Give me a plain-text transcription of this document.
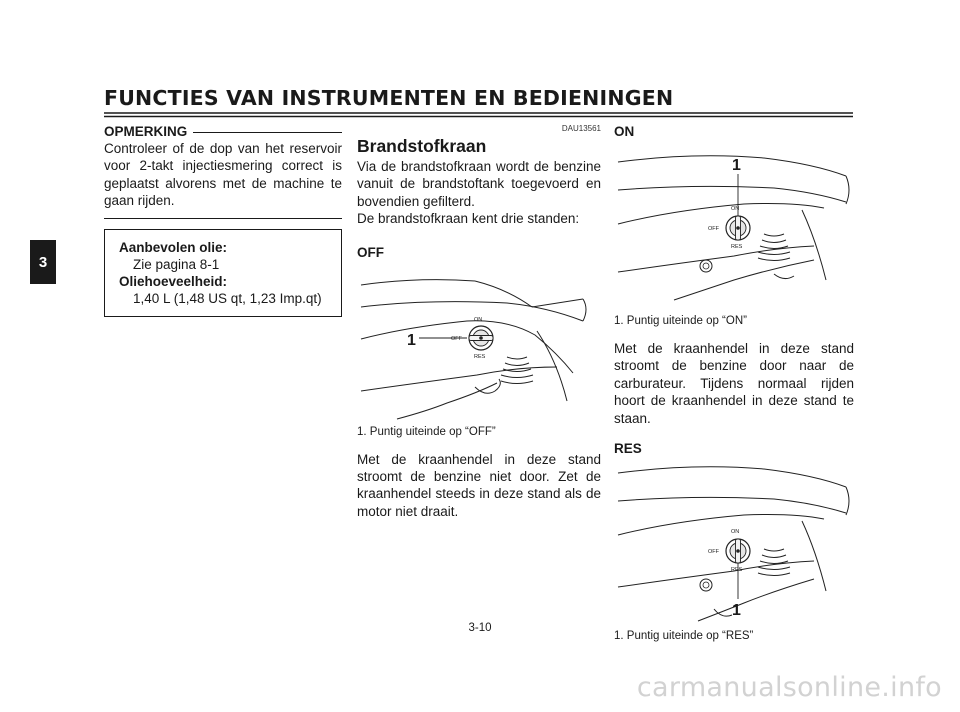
FUNCTIES VAN INSTRUMENTEN EN BEDIENINGEN
3
OPMERKING
Controleer of de dop van het reservoir voor 2-takt injectiesmering correct is geplaatst alvorens met de machine te gaan rijden.
Aanbevolen olie:
Zie pagina 8-1
Oliehoeveelheid:
1,40 L (1,48 US qt, 1,23 Imp.qt)
DAU13561
Brandstofkraan
Via de brandstofkraan wordt de benzine vanuit de brandstoftank toegevoerd en bovendien gefilterd.
De brandstofkraan kent drie standen:
OFF
ON
OFF
RES
1
1. Puntig uiteinde op “OFF”
Met de kraanhendel in deze stand stroomt de benzine niet door. Zet de kraanhendel steeds in deze stand als de motor niet draait.
ON
ON
OFF
RES
1
1. Puntig uiteinde op “ON”
Met de kraanhendel in deze stand stroomt de benzine door naar de carburateur. Tijdens normaal rijden hoort de kraanhendel in deze stand te staan.
RES
ON
OFF
RES
1
1. Puntig uiteinde op “RES”
3-10
carmanualsonline.info
